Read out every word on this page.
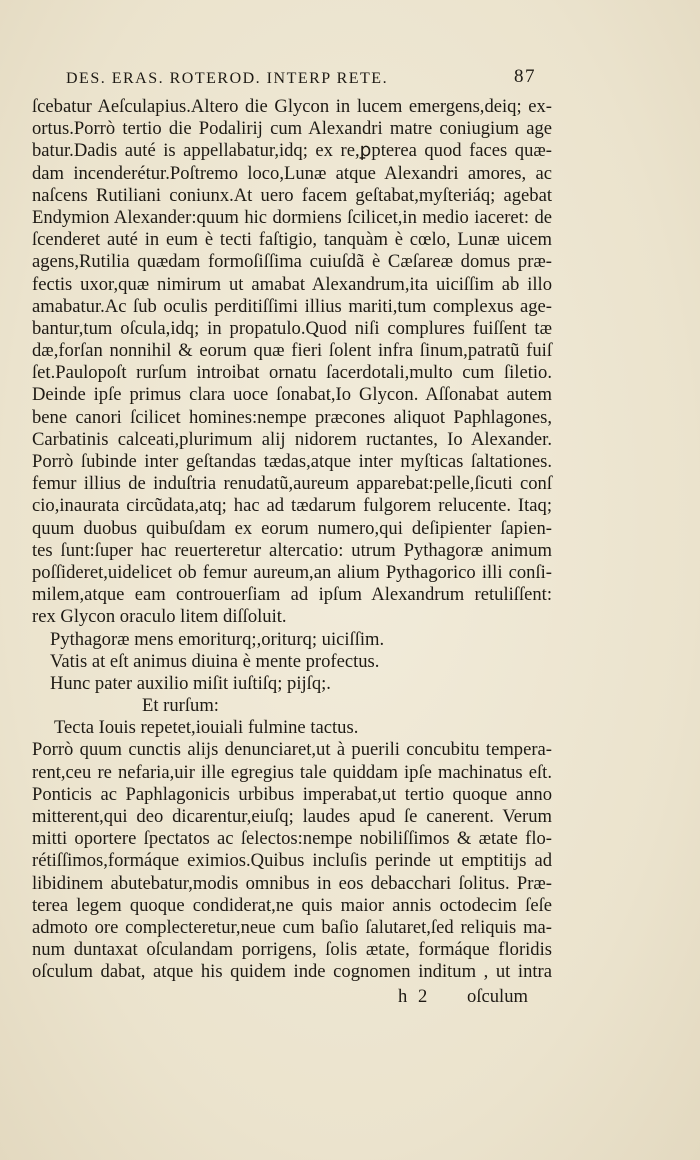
DES. ERAS. ROTEROD. INTERP RETE.	87
ſcebatur Aeſculapius.Altero die Glycon in lucem emergens,deiq; ex-
ortus.Porrò tertio die Podalirij cum Alexandri matre coniugium age
batur.Dadis auté is appellabatur,idq; ex re,ꝑpterea quod faces quæ-
dam incenderétur.Poſtremo loco,Lunæ atque Alexandri amores, ac
naſcens Rutiliani coniunx.At uero facem geſtabat,myſteriáq; agebat
Endymion Alexander:quum hic dormiens ſcilicet,in medio iaceret: de
ſcenderet auté in eum è tecti faſtigio, tanquàm è cœlo, Lunæ uicem
agens,Rutilia quædam formoſiſſima cuiuſdã è Cæſareæ domus præ-
fectis uxor,quæ nimirum ut amabat Alexandrum,ita uiciſſim ab illo
amabatur.Ac ſub oculis perditiſſimi illius mariti,tum complexus age-
bantur,tum oſcula,idq; in propatulo.Quod niſi complures fuiſſent tæ
dæ,forſan nonnihil & eorum quæ fieri ſolent infra ſinum,patratũ fuiſ
ſet.Paulopoſt rurſum introibat ornatu ſacerdotali,multo cum ſiletio.
Deinde ipſe primus clara uoce ſonabat,Io Glycon. Aſſonabat autem
bene canori ſcilicet homines:nempe præcones aliquot Paphlagones,
Carbatinis calceati,plurimum alij nidorem ructantes, Io Alexander.
Porrò ſubinde inter geſtandas tædas,atque inter myſticas ſaltationes.
femur illius de induſtria renudatũ,aureum apparebat:pelle,ſicuti conſ
cio,inaurata circũdata,atq; hac ad tædarum fulgorem relucente. Itaq;
quum duobus quibuſdam ex eorum numero,qui deſipienter ſapien-
tes ſunt:ſuper hac reuerteretur altercatio: utrum Pythagoræ animum
poſſideret,uidelicet ob femur aureum,an alium Pythagorico illi conſi-
milem,atque eam controuerſiam ad ipſum Alexandrum retuliſſent:
rex Glycon oraculo litem diſſoluit.
Pythagoræ mens emoriturq;,oriturq; uiciſſim.
Vatis at eſt animus diuina è mente profectus.
Hunc pater auxilio miſit iuſtiſq; pijſq;.
Et rurſum:
Tecta Iouis repetet,iouiali fulmine tactus.
Porrò quum cunctis alijs denunciaret,ut à puerili concubitu tempera-
rent,ceu re nefaria,uir ille egregius tale quiddam ipſe machinatus eſt.
Ponticis ac Paphlagonicis urbibus imperabat,ut tertio quoque anno
mitterent,qui deo dicarentur,eiuſq; laudes apud ſe canerent. Verum
mitti oportere ſpectatos ac ſelectos:nempe nobiliſſimos & ætate flo-
rétiſſimos,formáque eximios.Quibus incluſis perinde ut emptitijs ad
libidinem abutebatur,modis omnibus in eos debacchari ſolitus. Præ-
terea legem quoque condiderat,ne quis maior annis octodecim ſeſe
admoto ore complecteretur,neue cum baſio ſalutaret,ſed reliquis ma-
num duntaxat oſculandam porrigens, ſolis ætate, formáque floridis
oſculum dabat, atque his quidem inde cognomen inditum , ut intra
h 2 oſculum
